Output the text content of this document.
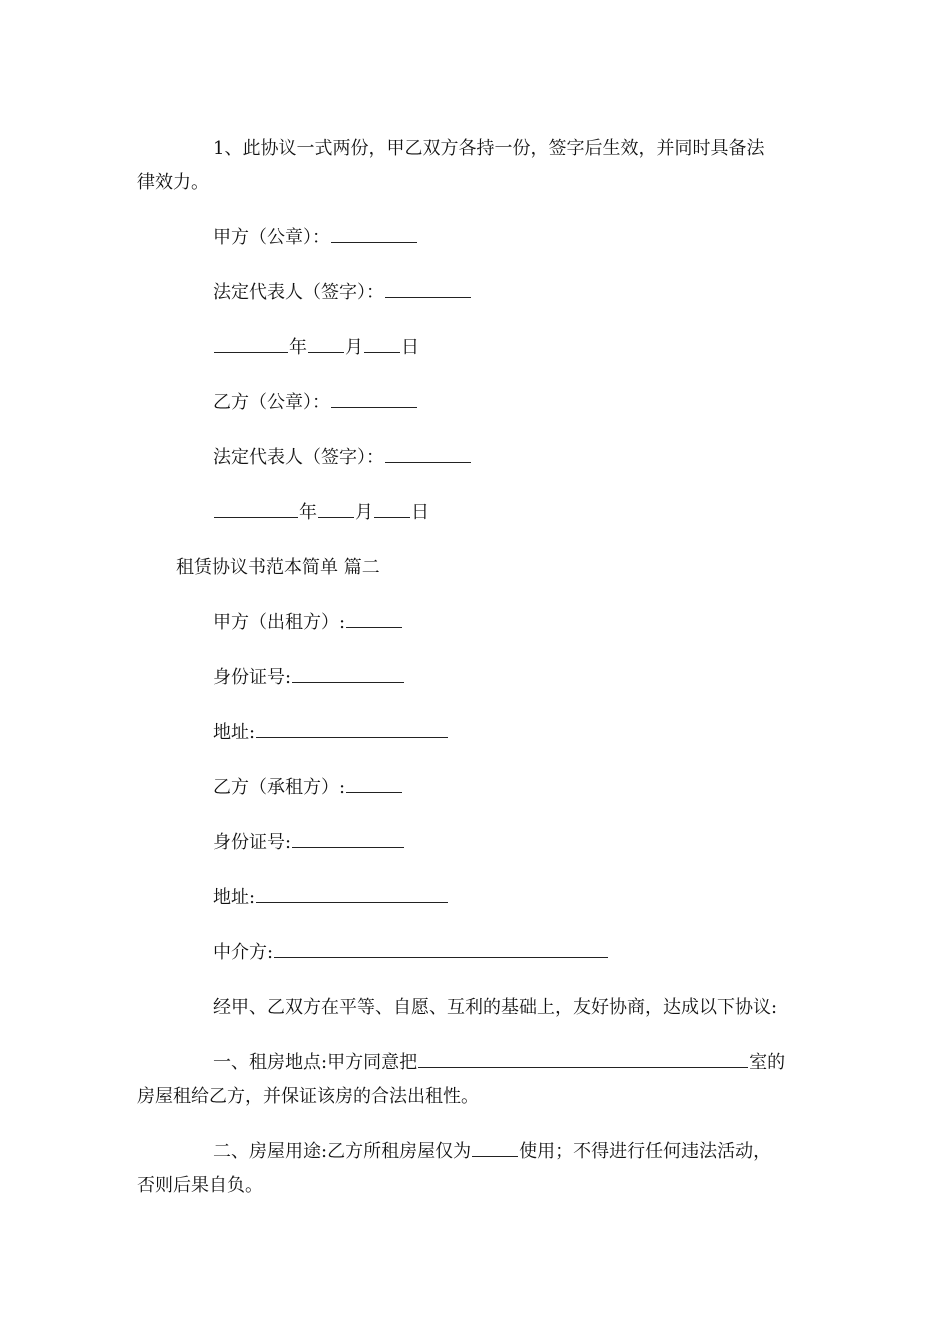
1、此协议一式两份，甲乙双方各持一份，签字后生效，并同时具备法
律效力。
甲方（公章）：
法定代表人（签字）：
年 月 日
乙方（公章）：
法定代表人（签字）：
年 月 日
租赁协议书范本简单 篇二
甲方（出租方）:
身份证号:
地址:
乙方（承租方）:
身份证号:
地址:
中介方:
经甲、乙双方在平等、自愿、互利的基础上，友好协商，达成以下协议:
一、租房地点:甲方同意把	室的
房屋租给乙方，并保证该房的合法出租性。
二、房屋用途:乙方所租房屋仅为	使用；不得进行任何违法活动，
否则后果自负。
